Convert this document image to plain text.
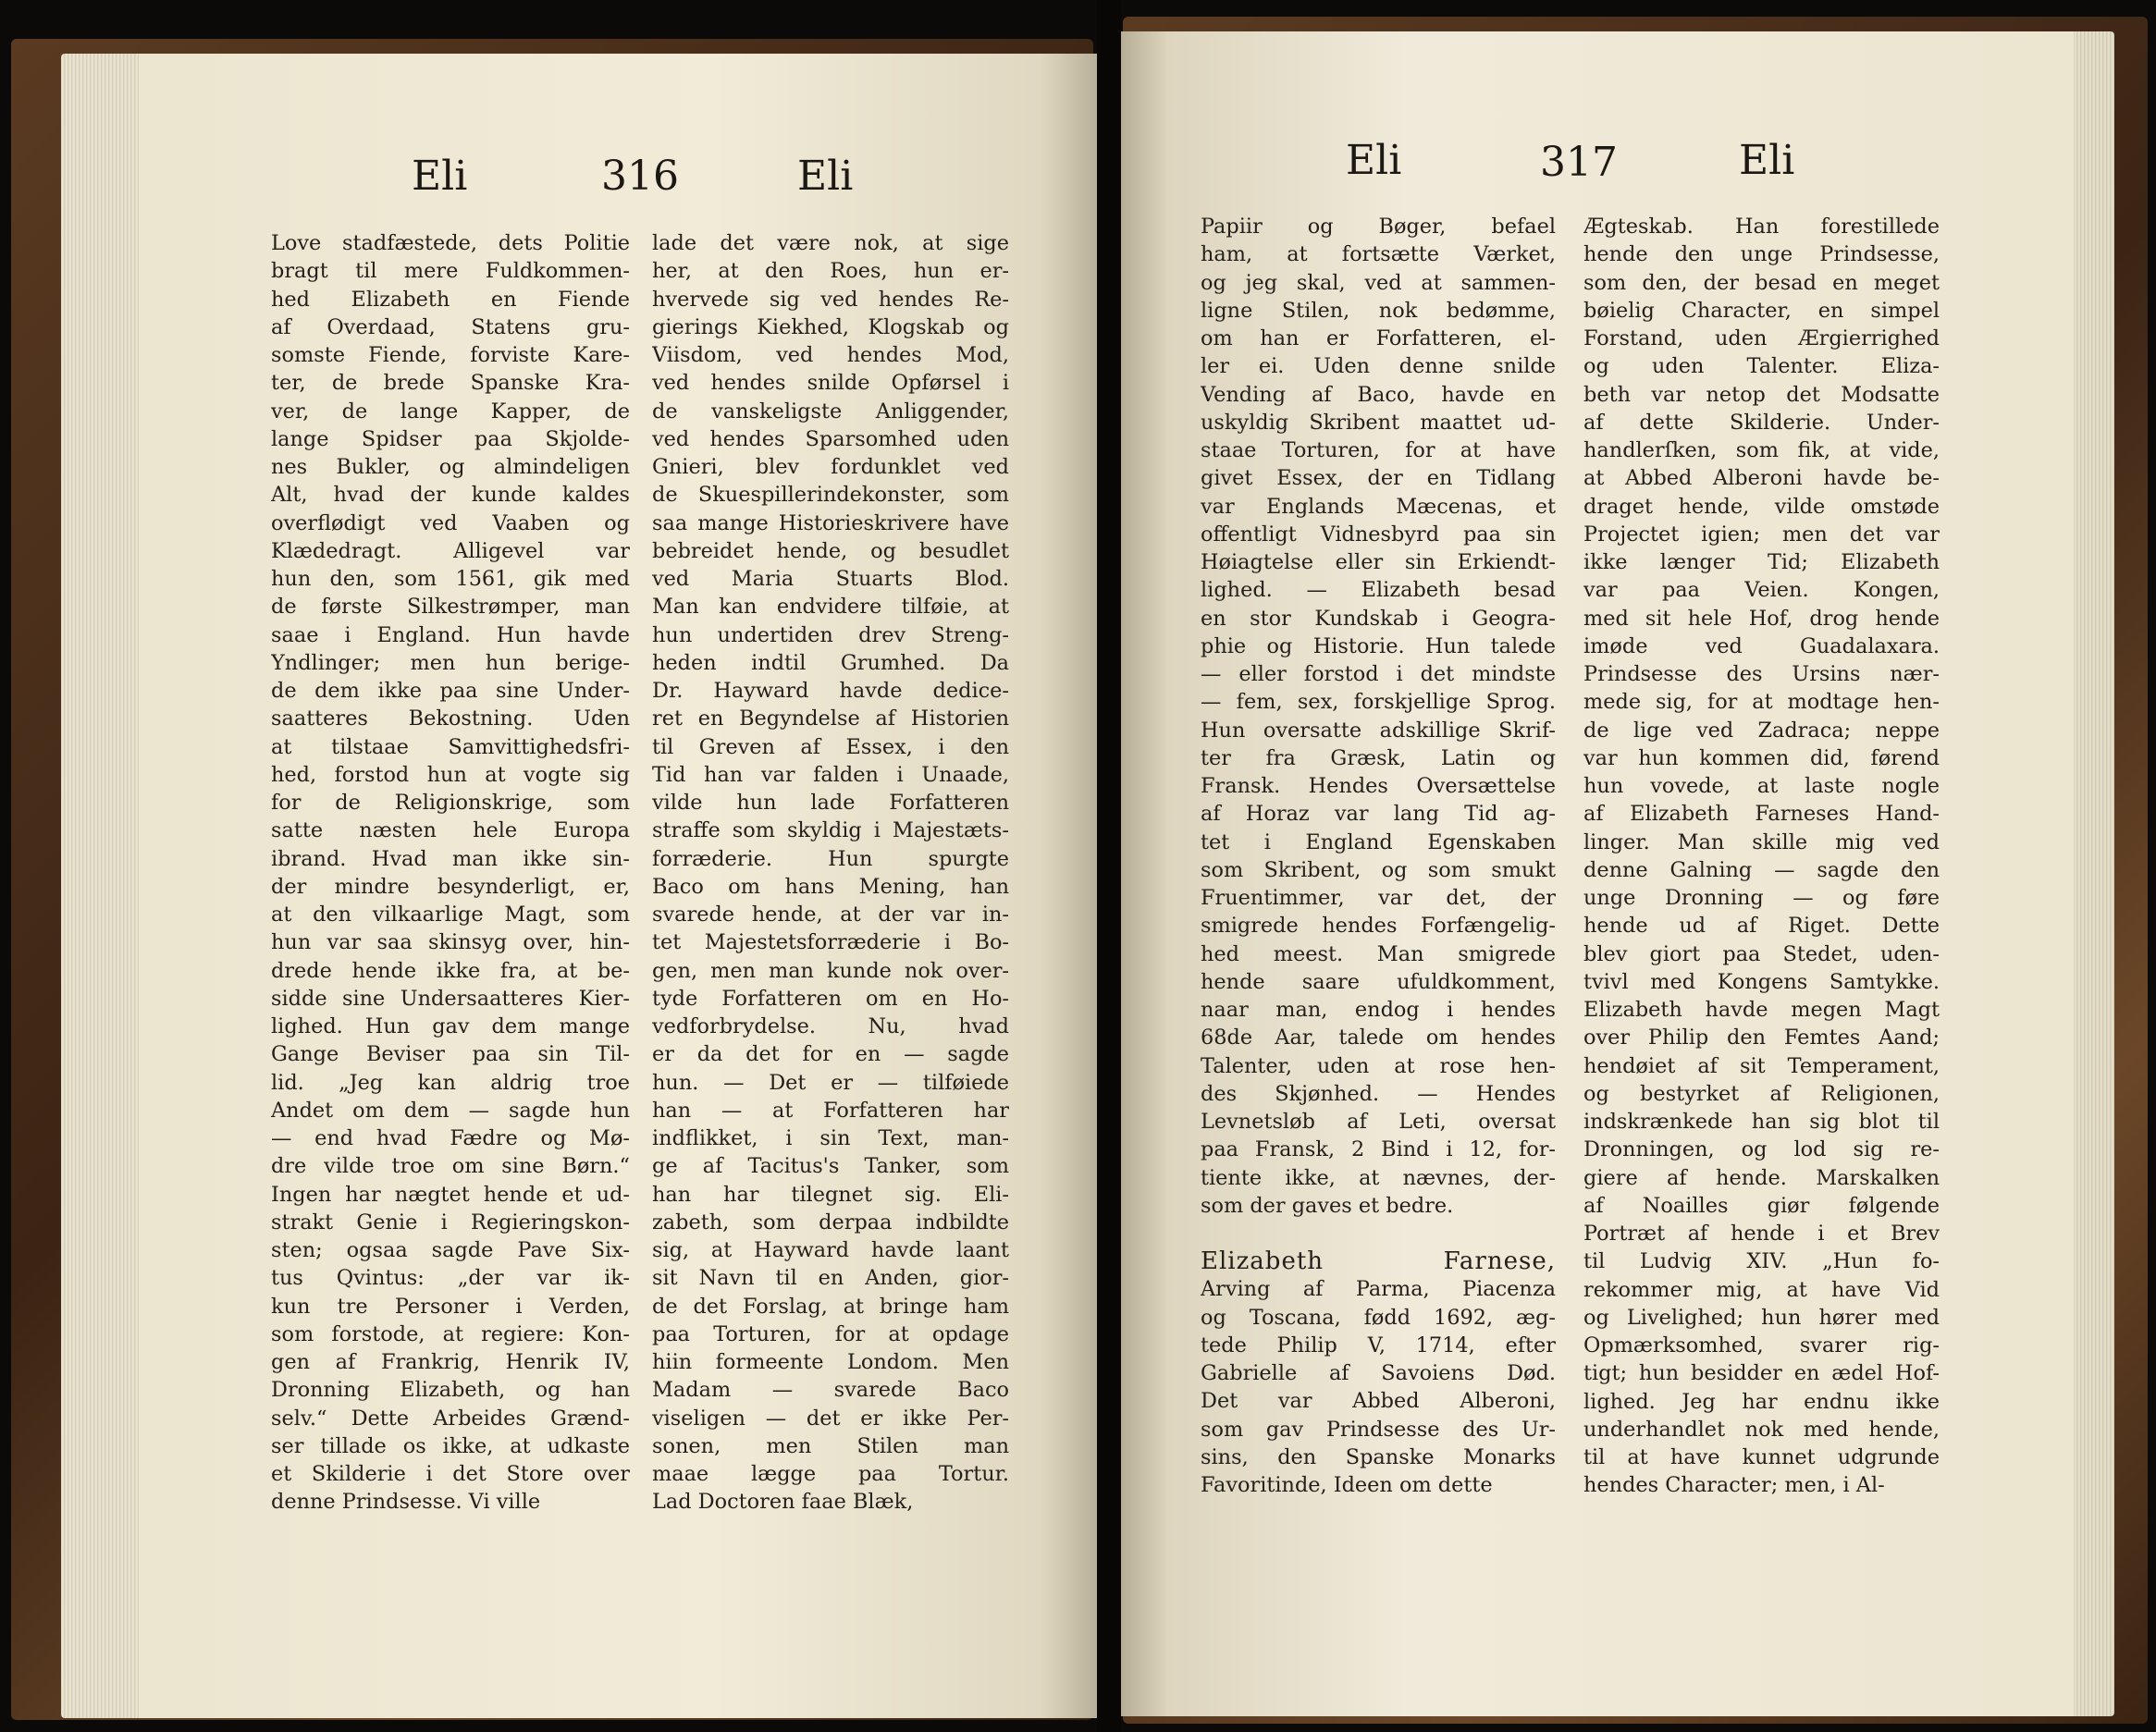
Eli	316	Eli	Eli	317	Eli
Love stadfæstede, dets Politie
bragt til mere Fuldkommen-
hed Elizabeth en Fiende
af Overdaad, Statens gru-
somste Fiende, forviste Kare-
ter, de brede Spanske Kra-
ver, de lange Kapper, de
lange Spidser paa Skjolde-
nes Bukler, og almindeligen
Alt, hvad der kunde kaldes
overflødigt ved Vaaben og
Klædedragt. Alligevel var
hun den, som 1561, gik med
de første Silkestrømper, man
saae i England. Hun havde
Yndlinger; men hun berige-
de dem ikke paa sine Under-
saatteres Bekostning. Uden
at tilstaae Samvittighedsfri-
hed, forstod hun at vogte sig
for de Religionskrige, som
satte næsten hele Europa
ibrand. Hvad man ikke sin-
der mindre besynderligt, er,
at den vilkaarlige Magt, som
hun var saa skinsyg over, hin-
drede hende ikke fra, at be-
sidde sine Undersaatteres Kier-
lighed. Hun gav dem mange
Gange Beviser paa sin Til-
lid. „Jeg kan aldrig troe
Andet om dem — sagde hun
— end hvad Fædre og Mø-
dre vilde troe om sine Børn.“
Ingen har nægtet hende et ud-
strakt Genie i Regieringskon-
sten; ogsaa sagde Pave Six-
tus Qvintus: „der var ik-
kun tre Personer i Verden,
som forstode, at regiere: Kon-
gen af Frankrig, Henrik IV,
Dronning Elizabeth, og han
selv.“ Dette Arbeides Grænd-
ser tillade os ikke, at udkaste
et Skilderie i det Store over
denne Prindsesse. Vi ville
lade det være nok, at sige
her, at den Roes, hun er-
hvervede sig ved hendes Re-
gierings Kiekhed, Klogskab og
Viisdom, ved hendes Mod,
ved hendes snilde Opførsel i
de vanskeligste Anliggender,
ved hendes Sparsomhed uden
Gnieri, blev fordunklet ved
de Skuespillerindekonster, som
saa mange Historieskrivere have
bebreidet hende, og besudlet
ved Maria Stuarts Blod.
Man kan endvidere tilføie, at
hun undertiden drev Streng-
heden indtil Grumhed. Da
Dr. Hayward havde dedice-
ret en Begyndelse af Historien
til Greven af Essex, i den
Tid han var falden i Unaade,
vilde hun lade Forfatteren
straffe som skyldig i Majestæts-
forræderie. Hun spurgte
Baco om hans Mening, han
svarede hende, at der var in-
tet Majestetsforræderie i Bo-
gen, men man kunde nok over-
tyde Forfatteren om en Ho-
vedforbrydelse. Nu, hvad
er da det for en — sagde
hun. — Det er — tilføiede
han — at Forfatteren har
indflikket, i sin Text, man-
ge af Tacitus's Tanker, som
han har tilegnet sig. Eli-
zabeth, som derpaa indbildte
sig, at Hayward havde laant
sit Navn til en Anden, gior-
de det Forslag, at bringe ham
paa Torturen, for at opdage
hiin formeente Londom. Men
Madam — svarede Baco
viseligen — det er ikke Per-
sonen, men Stilen man
maae lægge paa Tortur.
Lad Doctoren faae Blæk,
Papiir og Bøger, befael
ham, at fortsætte Værket,
og jeg skal, ved at sammen-
ligne Stilen, nok bedømme,
om han er Forfatteren, el-
ler ei. Uden denne snilde
Vending af Baco, havde en
uskyldig Skribent maattet ud-
staae Torturen, for at have
givet Essex, der en Tidlang
var Englands Mæcenas, et
offentligt Vidnesbyrd paa sin
Høiagtelse eller sin Erkiendt-
lighed. — Elizabeth besad
en stor Kundskab i Geogra-
phie og Historie. Hun talede
— eller forstod i det mindste
— fem, sex, forskjellige Sprog.
Hun oversatte adskillige Skrif-
ter fra Græsk, Latin og
Fransk. Hendes Oversættelse
af Horaz var lang Tid ag-
tet i England Egenskaben
som Skribent, og som smukt
Fruentimmer, var det, der
smigrede hendes Forfængelig-
hed meest. Man smigrede
hende saare ufuldkomment,
naar man, endog i hendes
68de Aar, talede om hendes
Talenter, uden at rose hen-
des Skjønhed. — Hendes
Levnetsløb af Leti, oversat
paa Fransk, 2 Bind i 12, for-
tiente ikke, at nævnes, der-
som der gaves et bedre.
Elizabeth Farnese,
Arving af Parma, Piacenza
og Toscana, fødd 1692, æg-
tede Philip V, 1714, efter
Gabrielle af Savoiens Død.
Det var Abbed Alberoni,
som gav Prindsesse des Ur-
sins, den Spanske Monarks
Favoritinde, Ideen om dette
Ægteskab. Han forestillede
hende den unge Prindsesse,
som den, der besad en meget
bøielig Character, en simpel
Forstand, uden Ærgierrighed
og uden Talenter. Eliza-
beth var netop det Modsatte
af dette Skilderie. Under-
handlerſken, som fik, at vide,
at Abbed Alberoni havde be-
draget hende, vilde omstøde
Projectet igien; men det var
ikke længer Tid; Elizabeth
var paa Veien. Kongen,
med sit hele Hof, drog hende
imøde ved Guadalaxara.
Prindsesse des Ursins nær-
mede sig, for at modtage hen-
de lige ved Zadraca; neppe
var hun kommen did, førend
hun vovede, at laste nogle
af Elizabeth Farneses Hand-
linger. Man skille mig ved
denne Galning — sagde den
unge Dronning — og føre
hende ud af Riget. Dette
blev giort paa Stedet, uden-
tvivl med Kongens Samtykke.
Elizabeth havde megen Magt
over Philip den Femtes Aand;
hendøiet af sit Temperament,
og bestyrket af Religionen,
indskrænkede han sig blot til
Dronningen, og lod sig re-
giere af hende. Marskalken
af Noailles giør følgende
Portræt af hende i et Brev
til Ludvig XIV. „Hun fo-
rekommer mig, at have Vid
og Livelighed; hun hører med
Opmærksomhed, svarer rig-
tigt; hun besidder en ædel Hof-
lighed. Jeg har endnu ikke
underhandlet nok med hende,
til at have kunnet udgrunde
hendes Character; men, i Al-
